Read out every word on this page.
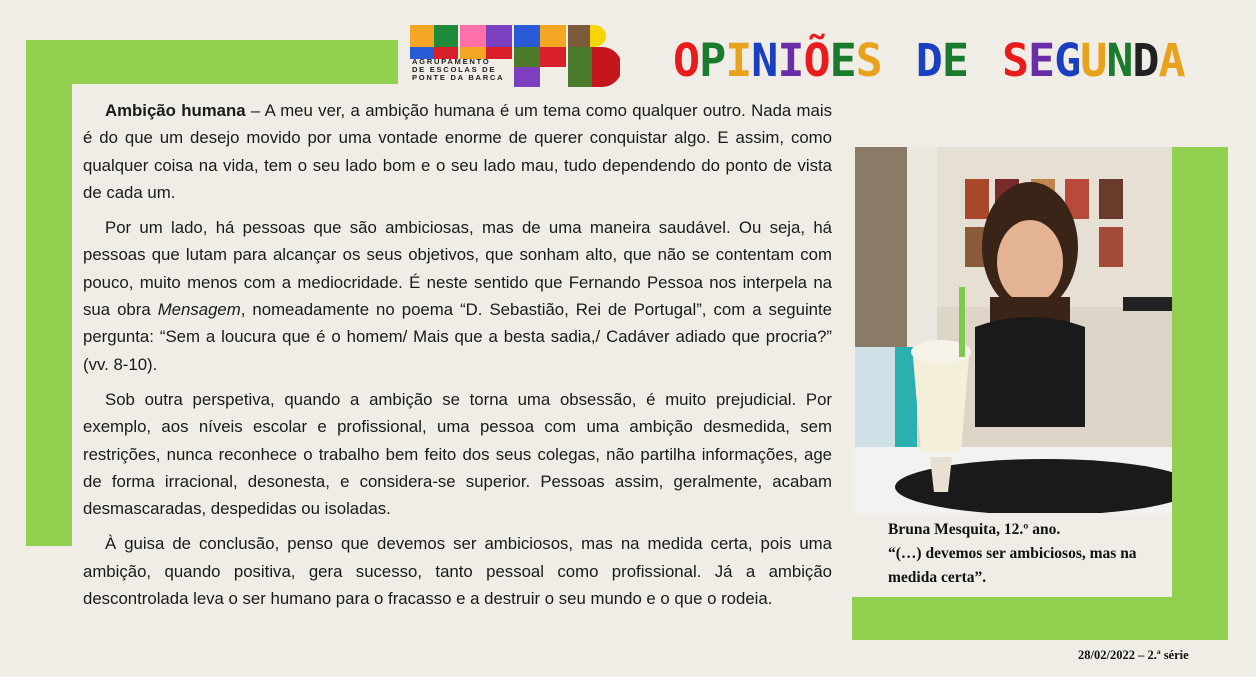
AGRUPAMENTO
DE ESCOLAS DE
PONTE DA BARCA	OPINIÕES DE SEGUNDA

Ambição humana – A meu ver, a ambição humana é um tema como qualquer outro. Nada mais é do que um desejo movido por uma vontade enorme de querer conquistar algo. E assim, como qualquer coisa na vida, tem o seu lado bom e o seu lado mau, tudo dependendo do ponto de vista de cada um.

Por um lado, há pessoas que são ambiciosas, mas de uma maneira saudável. Ou seja, há pessoas que lutam para alcançar os seus objetivos, que sonham alto, que não se contentam com pouco, muito menos com a mediocridade. É neste sentido que Fernando Pessoa nos interpela na sua obra Mensagem, nomeadamente no poema “D. Sebastião, Rei de Portugal”, com a seguinte pergunta: “Sem a loucura que é o homem/ Mais que a besta sadia,/ Cadáver adiado que procria?” (vv. 8-10).

Sob outra perspetiva, quando a ambição se torna uma obsessão, é muito prejudicial. Por exemplo, aos níveis escolar e profissional, uma pessoa com uma ambição desmedida, sem restrições, nunca reconhece o trabalho bem feito dos seus colegas, não partilha informações, age de forma irracional, desonesta, e considera-se superior. Pessoas assim, geralmente, acabam desmascaradas, despedidas ou isoladas.

À guisa de conclusão, penso que devemos ser ambiciosos, mas na medida certa, pois uma ambição, quando positiva, gera sucesso, tanto pessoal como profissional. Já a ambição descontrolada leva o ser humano para o fracasso e a destruir o seu mundo e o que o rodeia.

Bruna Mesquita, 12.º ano.
“(…) devemos ser ambiciosos, mas na medida certa”.
28/02/2022 – 2.ª série
